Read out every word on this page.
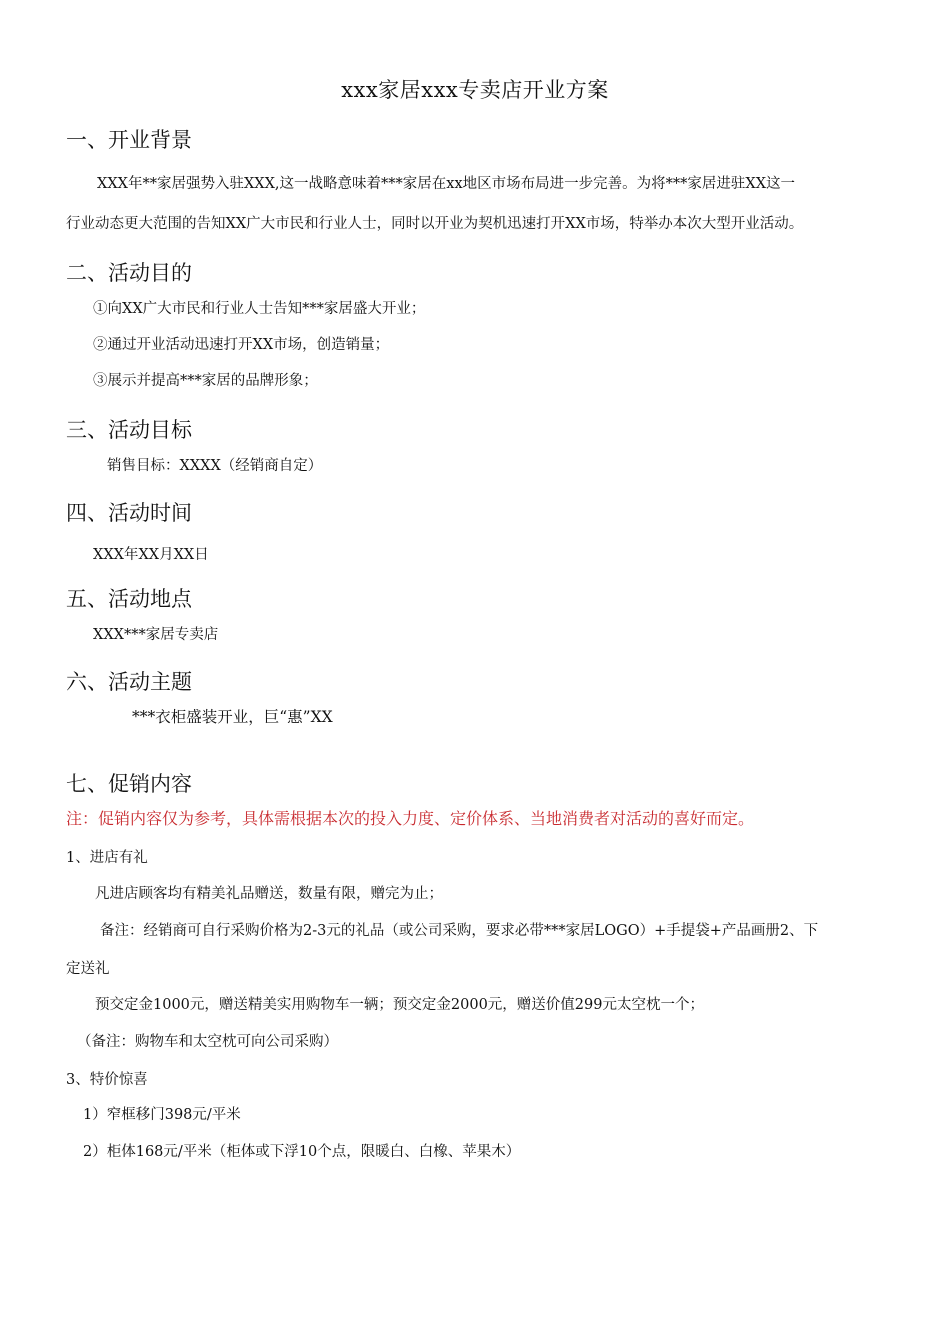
xxx家居xxx专卖店开业方案
一、开业背景
XXX年**家居强势入驻XXX,这一战略意味着***家居在xx地区市场布局进一步完善。为将***家居进驻XX这一
行业动态更大范围的告知XX广大市民和行业人士，同时以开业为契机迅速打开XX市场，特举办本次大型开业活动。
二、活动目的
①向XX广大市民和行业人士告知***家居盛大开业；
②通过开业活动迅速打开XX市场，创造销量；
③展示并提高***家居的品牌形象；
三、活动目标
销售目标：XXXX（经销商自定）
四、活动时间
XXX年XX月XX日
五、活动地点
XXX***家居专卖店
六、活动主题
***衣柜盛装开业，巨“惠”XX
七、促销内容
注：促销内容仅为参考，具体需根据本次的投入力度、定价体系、当地消费者对活动的喜好而定。
1、进店有礼
凡进店顾客均有精美礼品赠送，数量有限，赠完为止；
备注：经销商可自行采购价格为2-3元的礼品（或公司采购，要求必带***家居LOGO）+手提袋+产品画册2、下
定送礼
预交定金1000元，赠送精美实用购物车一辆；预交定金2000元，赠送价值299元太空枕一个；
（备注：购物车和太空枕可向公司采购）
3、特价惊喜
1）窄框移门398元/平米
2）柜体168元/平米（柜体或下浮10个点，限暖白、白橡、苹果木）
